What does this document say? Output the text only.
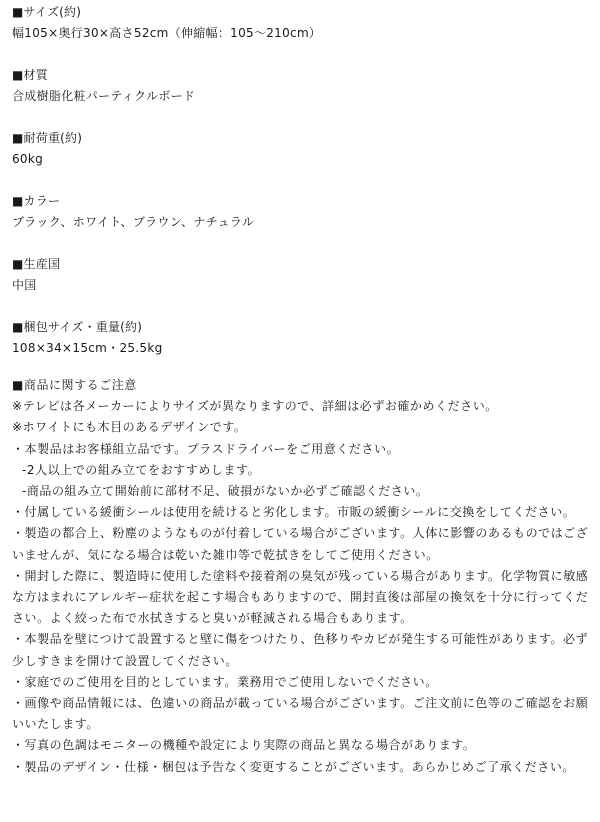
■サイズ(約)

幅105×奥行30×高さ52cm（伸縮幅：105〜210cm）

■材質

合成樹脂化粧パーティクルボード

■耐荷重(約)

60kg

■カラー

ブラック、ホワイト、ブラウン、ナチュラル

■生産国

中国

■梱包サイズ・重量(約)

108×34×15cm・25.5kg

■商品に関するご注意

※テレビは各メーカーによりサイズが異なりますので、詳細は必ずお確かめください。

※ホワイトにも木目のあるデザインです。

・本製品はお客様組立品です。プラスドライバーをご用意ください。

-2人以上での組み立てをおすすめします。

-商品の組み立て開始前に部材不足、破損がないか必ずご確認ください。

・付属している緩衝シールは使用を続けると劣化します。市販の緩衝シールに交換をしてください。

・製造の都合上、粉塵のようなものが付着している場合がございます。人体に影響のあるものではござ

いませんが、気になる場合は乾いた雑巾等で乾拭きをしてご使用ください。

・開封した際に、製造時に使用した塗料や接着剤の臭気が残っている場合があります。化学物質に敏感

な方はまれにアレルギー症状を起こす場合もありますので、開封直後は部屋の換気を十分に行ってくだ

さい。よく絞った布で水拭きすると臭いが軽減される場合もあります。

・本製品を壁につけて設置すると壁に傷をつけたり、色移りやカビが発生する可能性があります。必ず

少しすきまを開けて設置してください。

・家庭でのご使用を目的としています。業務用でご使用しないでください。

・画像や商品情報には、色違いの商品が載っている場合がございます。ご注文前に色等のご確認をお願

いいたします。

・写真の色調はモニターの機種や設定により実際の商品と異なる場合があります。

・製品のデザイン・仕様・梱包は予告なく変更することがございます。あらかじめご了承ください。
